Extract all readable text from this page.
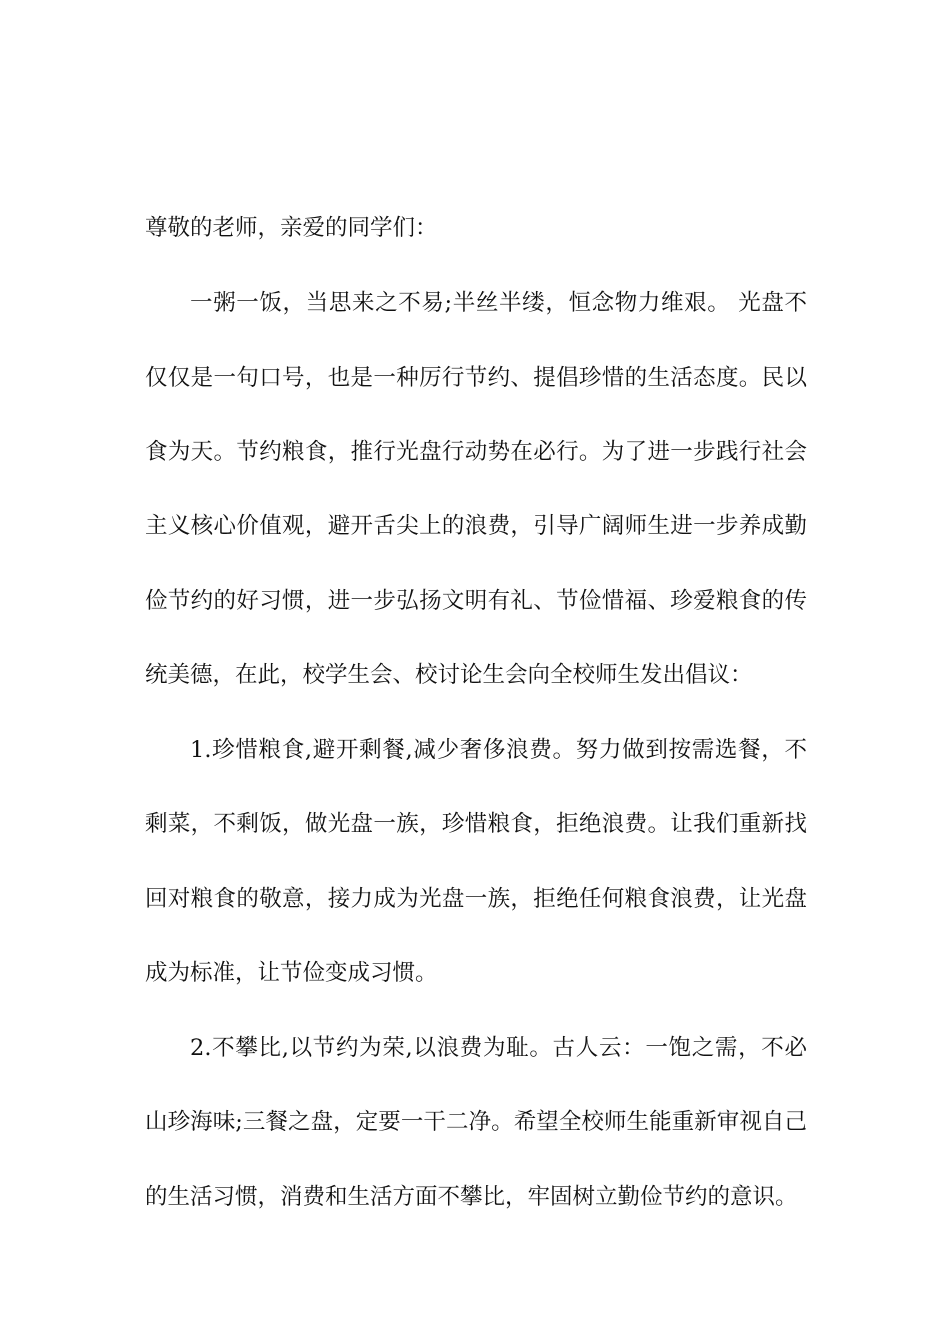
尊敬的老师，亲爱的同学们：
一粥一饭，当思来之不易;半丝半缕，恒念物力维艰。 光盘不
仅仅是一句口号，也是一种厉行节约、提倡珍惜的生活态度。民以
食为天。节约粮食，推行光盘行动势在必行。为了进一步践行社会
主义核心价值观，避开舌尖上的浪费，引导广阔师生进一步养成勤
俭节约的好习惯，进一步弘扬文明有礼、节俭惜福、珍爱粮食的传
统美德，在此，校学生会、校讨论生会向全校师生发出倡议：
1.珍惜粮食,避开剩餐,减少奢侈浪费。努力做到按需选餐，不
剩菜，不剩饭，做光盘一族，珍惜粮食，拒绝浪费。让我们重新找
回对粮食的敬意，接力成为光盘一族，拒绝任何粮食浪费，让光盘
成为标准，让节俭变成习惯。
2.不攀比,以节约为荣,以浪费为耻。古人云：一饱之需，不必
山珍海味;三餐之盘，定要一干二净。希望全校师生能重新审视自己
的生活习惯，消费和生活方面不攀比，牢固树立勤俭节约的意识。
